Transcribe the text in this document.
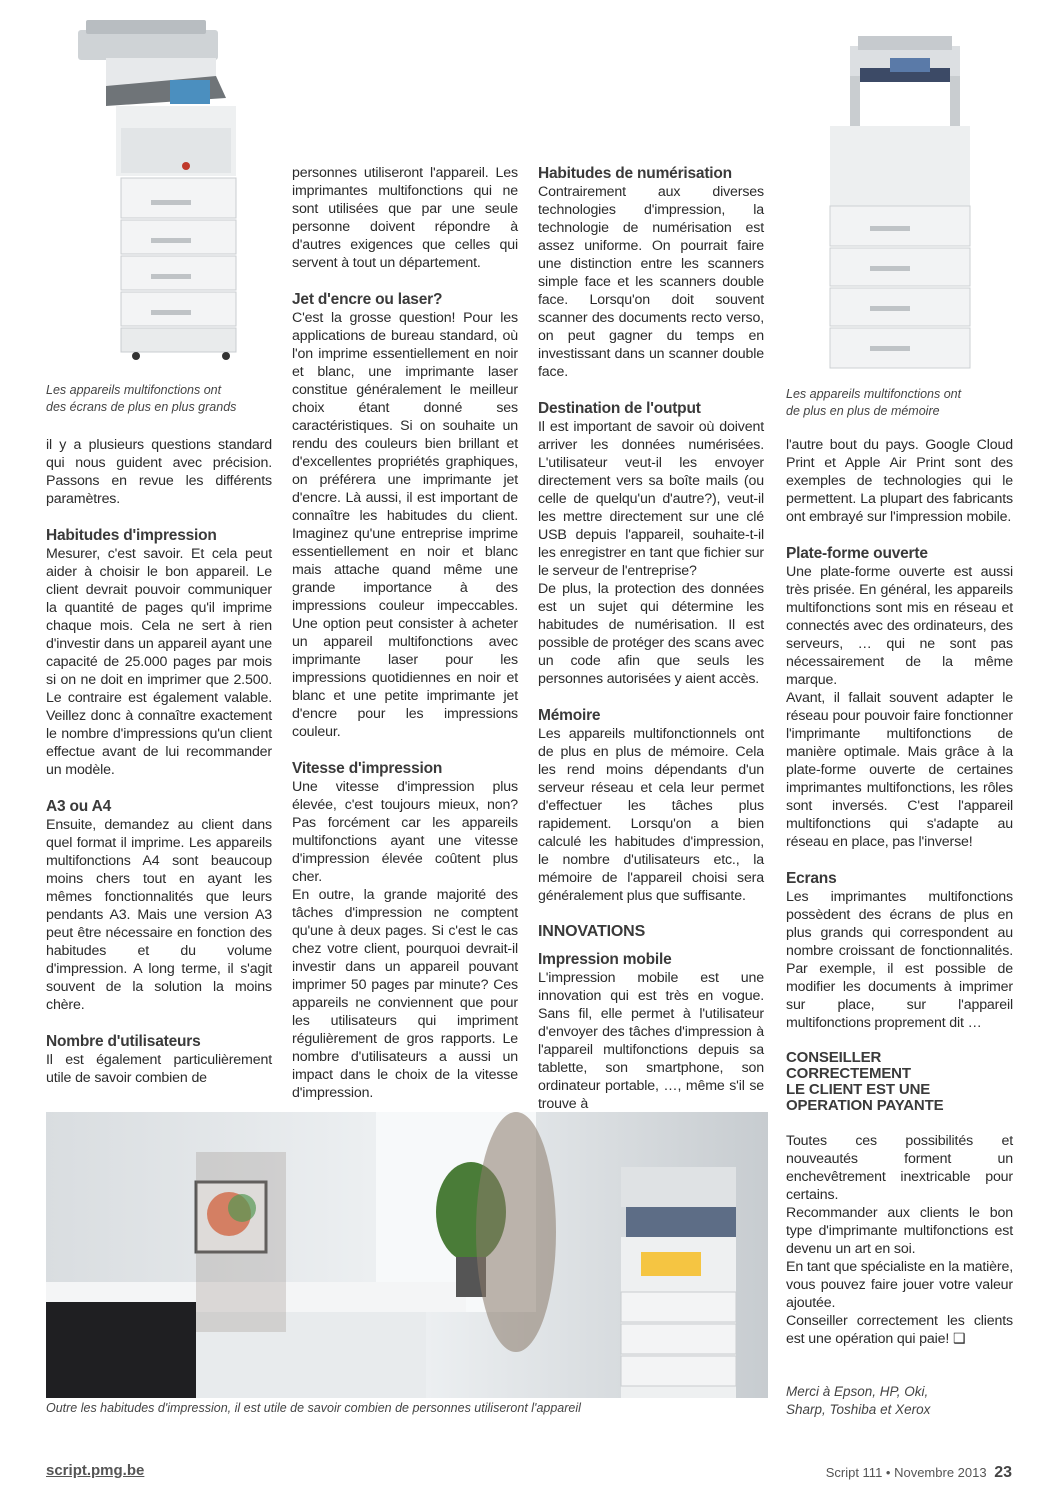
Les appareils multifonctions ont
des écrans de plus en plus grands
Les appareils multifonctions ont
de plus en plus de mémoire
Outre les habitudes d'impression, il est utile de savoir combien de personnes utiliseront l'appareil
Merci à Epson, HP, Oki,
Sharp, Toshiba et Xerox

il y a plusieurs questions standard qui nous guident avec précision. Passons en revue les différents paramètres.

Habitudes d'impression

Mesurer, c'est savoir. Et cela peut aider à choisir le bon appareil. Le client devrait pouvoir communiquer la quantité de pages qu'il imprime chaque mois. Cela ne sert à rien d'investir dans un appareil ayant une capacité de 25.000 pages par mois si on ne doit en imprimer que 2.500. Le contraire est également valable. Veillez donc à connaître exactement le nombre d'impressions qu'un client effectue avant de lui recommander un modèle.

A3 ou A4

Ensuite, demandez au client dans quel format il imprime. Les appareils multifonctions A4 sont beaucoup moins chers tout en ayant les mêmes fonctionnalités que leurs pendants A3. Mais une version A3 peut être nécessaire en fonction des habitudes et du volume d'impression. A long terme, il s'agit souvent de la solution la moins chère.

Nombre d'utilisateurs

Il est également particulièrement utile de savoir combien de

personnes utiliseront l'appareil. Les imprimantes multifonctions qui ne sont utilisées que par une seule personne doivent répondre à d'autres exigences que celles qui servent à tout un département.

Jet d'encre ou laser?

C'est la grosse question! Pour les applications de bureau standard, où l'on imprime essentiellement en noir et blanc, une imprimante laser constitue généralement le meilleur choix étant donné ses caractéristiques. Si on souhaite un rendu des couleurs bien brillant et d'excellentes propriétés graphiques, on préférera une imprimante jet d'encre. Là aussi, il est important de connaître les habitudes du client. Imaginez qu'une entreprise imprime essentiellement en noir et blanc mais attache quand même une grande importance à des impressions couleur impeccables. Une option peut consister à acheter un appareil multifonctions avec imprimante laser pour les impressions quotidiennes en noir et blanc et une petite imprimante jet d'encre pour les impressions couleur.

Vitesse d'impression

Une vitesse d'impression plus élevée, c'est toujours mieux, non? Pas forcément car les appareils multifonctions ayant une vitesse d'impression élevée coûtent plus cher.

En outre, la grande majorité des tâches d'impression ne comptent qu'une à deux pages. Si c'est le cas chez votre client, pourquoi devrait-il investir dans un appareil pouvant imprimer 50 pages par minute? Ces appareils ne conviennent que pour les utilisateurs qui impriment régulièrement de gros rapports. Le nombre d'utilisateurs a aussi un impact dans le choix de la vitesse d'impression.

Habitudes de numérisation

Contrairement aux diverses technologies d'impression, la technologie de numérisation est assez uniforme. On pourrait faire une distinction entre les scanners simple face et les scanners double face. Lorsqu'on doit souvent scanner des documents recto verso, on peut gagner du temps en investissant dans un scanner double face.

Destination de l'output

Il est important de savoir où doivent arriver les données numérisées. L'utilisateur veut-il les envoyer directement vers sa boîte mails (ou celle de quelqu'un d'autre?), veut-il les mettre directement sur une clé USB depuis l'appareil, souhaite-t-il les enregistrer en tant que fichier sur le serveur de l'entreprise?

De plus, la protection des données est un sujet qui détermine les habitudes de numérisation. Il est possible de protéger des scans avec un code afin que seuls les personnes autorisées y aient accès.

Mémoire

Les appareils multifonctionnels ont de plus en plus de mémoire. Cela les rend moins dépendants d'un serveur réseau et cela leur permet d'effectuer les tâches plus rapidement. Lorsqu'on a bien calculé les habitudes d'impression, le nombre d'utilisateurs etc., la mémoire de l'appareil choisi sera généralement plus que suffisante.

INNOVATIONS
Impression mobile

L'impression mobile est une innovation qui est très en vogue. Sans fil, elle permet à l'utilisateur d'envoyer des tâches d'impression à l'appareil multifonctions depuis sa tablette, son smartphone, son ordinateur portable, …, même s'il se trouve à

l'autre bout du pays. Google Cloud Print et Apple Air Print sont des exemples de technologies qui le permettent. La plupart des fabricants ont embrayé sur l'impression mobile.

Plate-forme ouverte

Une plate-forme ouverte est aussi très prisée. En général, les appareils multifonctions sont mis en réseau et connectés avec des ordinateurs, des serveurs, … qui ne sont pas nécessairement de la même marque.

Avant, il fallait souvent adapter le réseau pour pouvoir faire fonctionner l'imprimante multifonctions de manière optimale. Mais grâce à la plate-forme ouverte de certaines imprimantes multifonctions, les rôles sont inversés. C'est l'appareil multifonctions qui s'adapte au réseau en place, pas l'inverse!

Ecrans

Les imprimantes multifonctions possèdent des écrans de plus en plus grands qui correspondent au nombre croissant de fonctionnalités. Par exemple, il est possible de modifier les documents à imprimer sur place, sur l'appareil multifonctions proprement dit …

CONSEILLER
CORRECTEMENT
LE CLIENT EST UNE
OPERATION PAYANTE

Toutes ces possibilités et nouveautés forment un enchevêtrement inextricable pour certains.

Recommander aux clients le bon type d'imprimante multifonctions est devenu un art en soi.

En tant que spécialiste en la matière, vous pouvez faire jouer votre valeur ajoutée.

Conseiller correctement les clients est une opération qui paie! ❑

script.pmg.be	Script 111 • Novembre 2013 23
